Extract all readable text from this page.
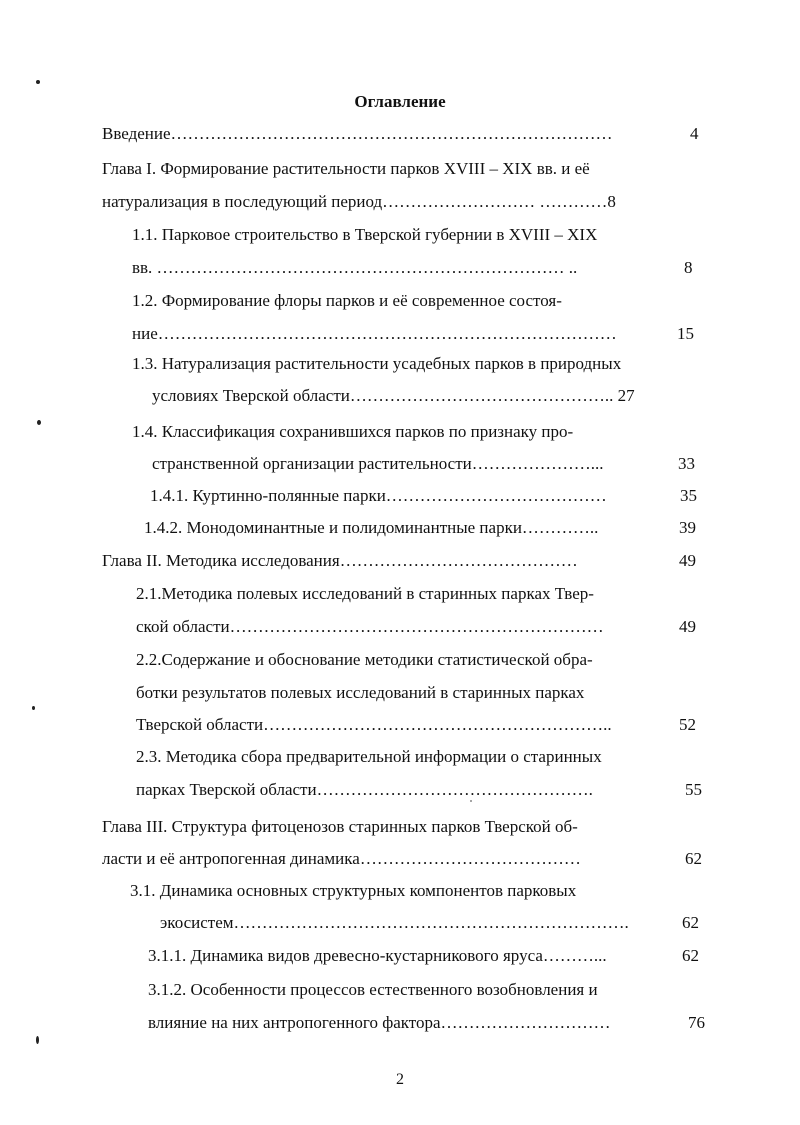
Оглавление
Введение……………………………………………………………………	4
Глава I. Формирование растительности парков XVIII – XIX вв. и её
натурализация в последующий период……………………… …………8
1.1. Парковое строительство в Тверской губернии в XVIII – XIX
вв. ……………………………………………………………… ..	8
1.2. Формирование флоры парков и её современное состоя-
ние………………………………………………………………………	15
1.3. Натурализация растительности усадебных парков в природных
условиях Тверской области……………………………………….. 27
1.4. Классификация сохранившихся парков по признаку про-
странственной организации растительности…………………...	33
1.4.1. Куртинно-полянные парки…………………………………	35
1.4.2. Монодоминантные и полидоминантные парки…………..	39
Глава II. Методика исследования……………………………………	49
2.1.Методика полевых исследований в старинных парках Твер-
ской области…………………………………………………………	49
2.2.Содержание и обоснование методики статистической обра-
ботки результатов полевых исследований в старинных парках
Тверской области……………………………………………………..	52
2.3. Методика сбора предварительной информации о старинных
парках Тверской области………………………………………….	55
Глава III. Структура фитоценозов старинных парков Тверской об-
ласти и её антропогенная динамика…………………………………	62
3.1. Динамика основных структурных компонентов парковых
экосистем…………………………………………………………….	62
3.1.1. Динамика видов древесно-кустарникового яруса………...	62
3.1.2. Особенности процессов естественного возобновления и
влияние на них антропогенного фактора…………………………	76
2
